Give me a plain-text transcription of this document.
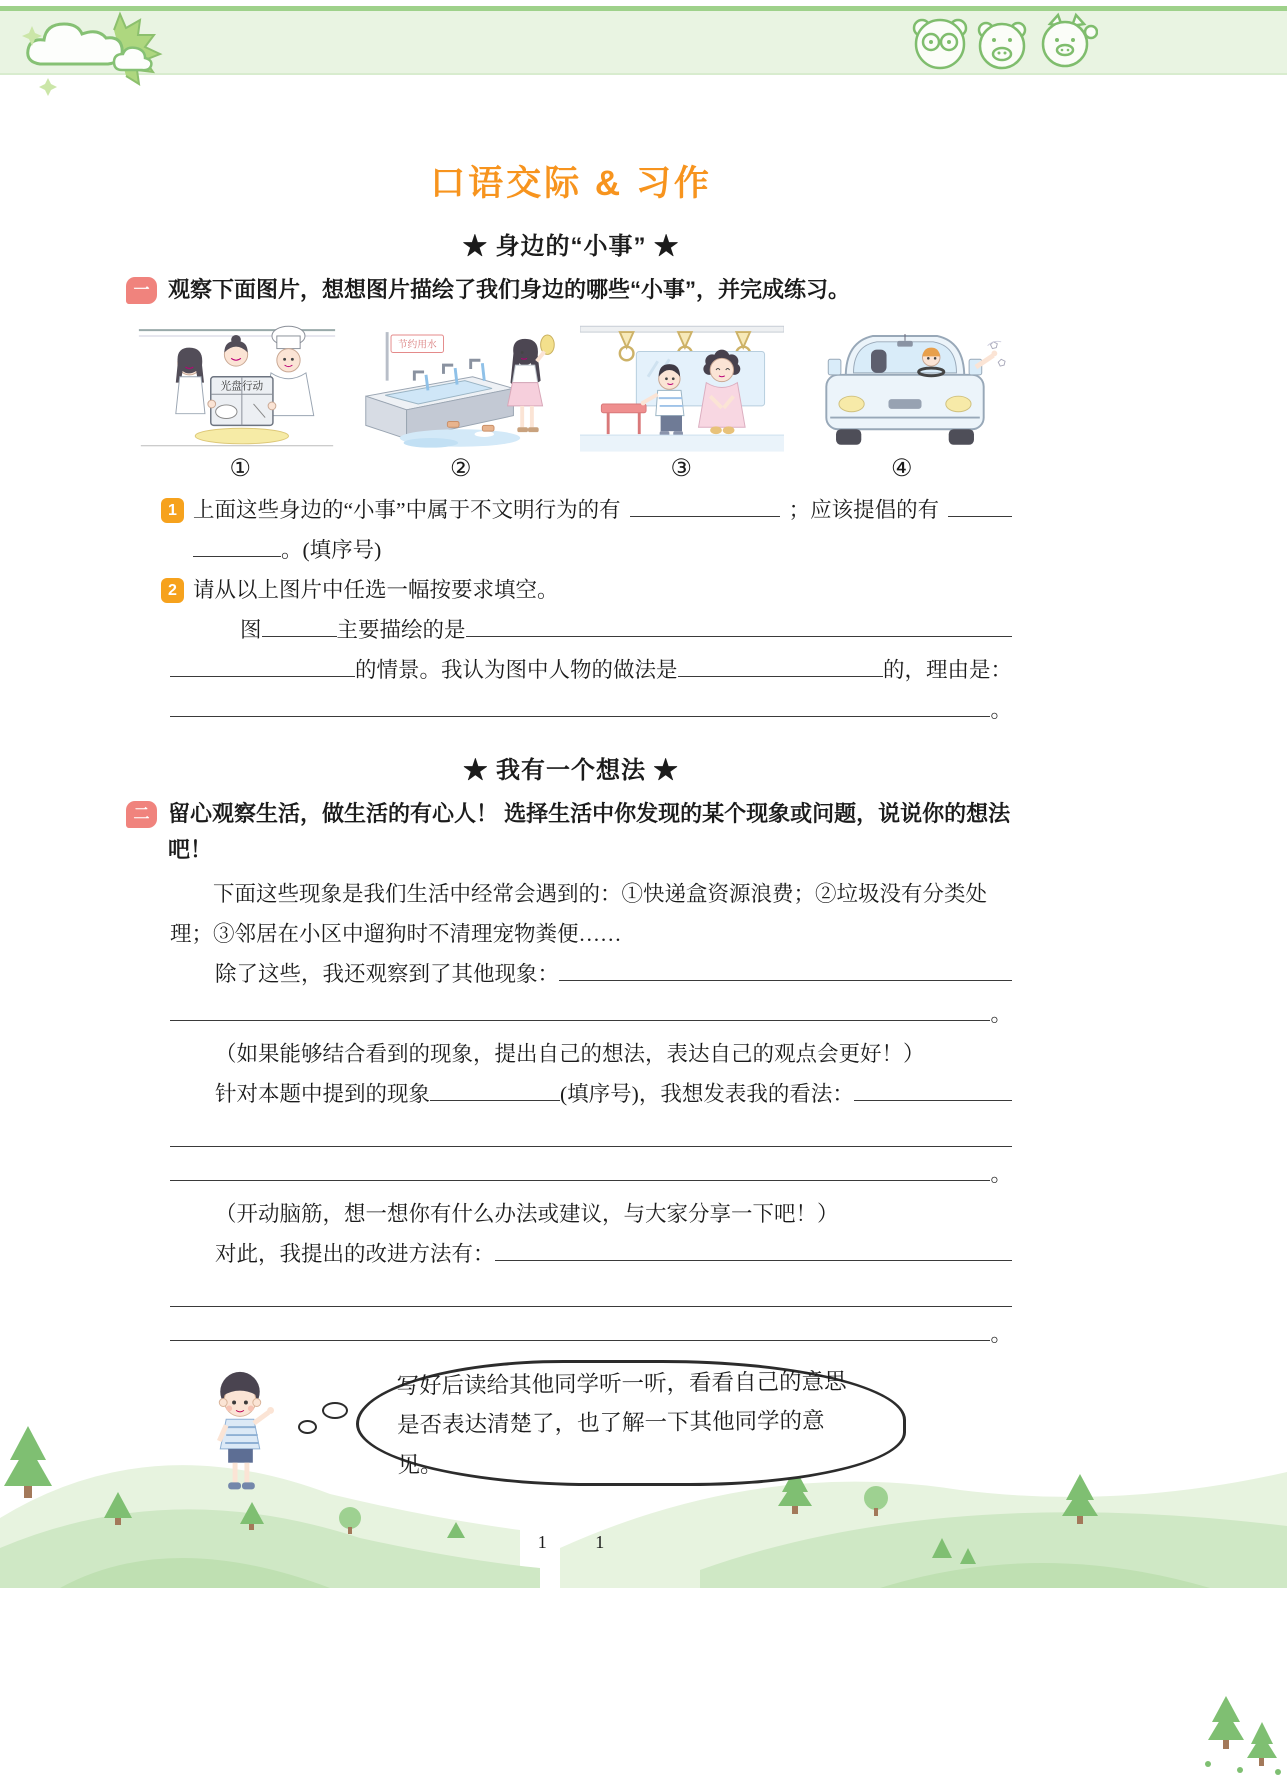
口语交际 & 习作
★ 身边的“小事” ★
一 观察下面图片，想想图片描绘了我们身边的哪些“小事”，并完成练习。
光盘行动
节约用水
①	②	③	④
1 上面这些身边的“小事”中属于不文明行为的有	；应该提倡的有
。(填序号)
2 请从以上图片中任选一幅按要求填空。
图	主要描绘的是
的情景。我认为图中人物的做法是	的，理由是：
。
★ 我有一个想法 ★
二 留心观察生活，做生活的有心人！ 选择生活中你发现的某个现象或问题，说说你的想法吧！

下面这些现象是我们生活中经常会遇到的：①快递盒资源浪费；②垃圾没有分类处理；③邻居在小区中遛狗时不清理宠物粪便……

除了这些，我还观察到了其他现象：
。
（如果能够结合看到的现象，提出自己的想法，表达自己的观点会更好！）
针对本题中提到的现象	(填序号)，我想发表我的看法：
。
（开动脑筋，想一想你有什么办法或建议，与大家分享一下吧！）
对此，我提出的改进方法有：
。

写好后读给其他同学听一听，看看自己的意思是否表达清楚了，也了解一下其他同学的意见。

1	1
